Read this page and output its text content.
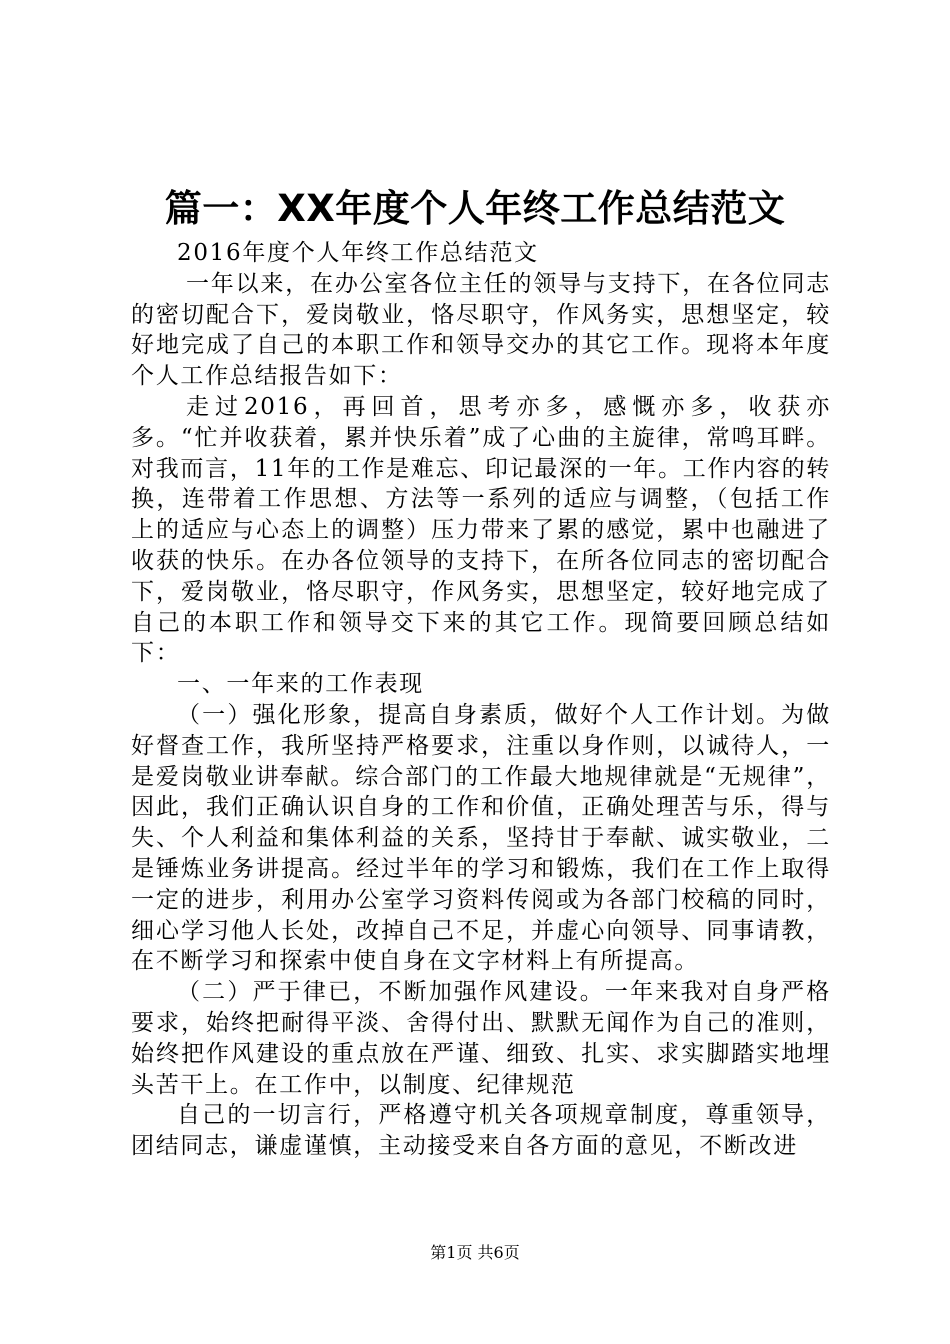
篇一：XX年度个人年终工作总结范文

2016年度个人年终工作总结范文

一年以来，在办公室各位主任的领导与支持下，在各位同志的密切配合下，爱岗敬业，恪尽职守，作风务实，思想坚定，较好地完成了自己的本职工作和领导交办的其它工作。现将本年度个人工作总结报告如下：

走过2016，再回首，思考亦多，感慨亦多，收获亦多。“忙并收获着，累并快乐着”成了心曲的主旋律，常鸣耳畔。对我而言，11年的工作是难忘、印记最深的一年。工作内容的转换，连带着工作思想、方法等一系列的适应与调整，（包括工作上的适应与心态上的调整）压力带来了累的感觉，累中也融进了收获的快乐。在办各位领导的支持下，在所各位同志的密切配合下，爱岗敬业，恪尽职守，作风务实，思想坚定，较好地完成了自己的本职工作和领导交下来的其它工作。现简要回顾总结如下：

一、一年来的工作表现

（一）强化形象，提高自身素质，做好个人工作计划。为做好督查工作，我所坚持严格要求，注重以身作则，以诚待人，一是爱岗敬业讲奉献。综合部门的工作最大地规律就是“无规律”，因此，我们正确认识自身的工作和价值，正确处理苦与乐，得与失、个人利益和集体利益的关系，坚持甘于奉献、诚实敬业，二是锤炼业务讲提高。经过半年的学习和锻炼，我们在工作上取得一定的进步，利用办公室学习资料传阅或为各部门校稿的同时，细心学习他人长处，改掉自己不足，并虚心向领导、同事请教，在不断学习和探索中使自身在文字材料上有所提高。

（二）严于律已，不断加强作风建设。一年来我对自身严格要求，始终把耐得平淡、舍得付出、默默无闻作为自己的准则，始终把作风建设的重点放在严谨、细致、扎实、求实脚踏实地埋头苦干上。在工作中，以制度、纪律规范

自己的一切言行，严格遵守机关各项规章制度，尊重领导，团结同志，谦虚谨慎，主动接受来自各方面的意见，不断改进

第1页 共6页
